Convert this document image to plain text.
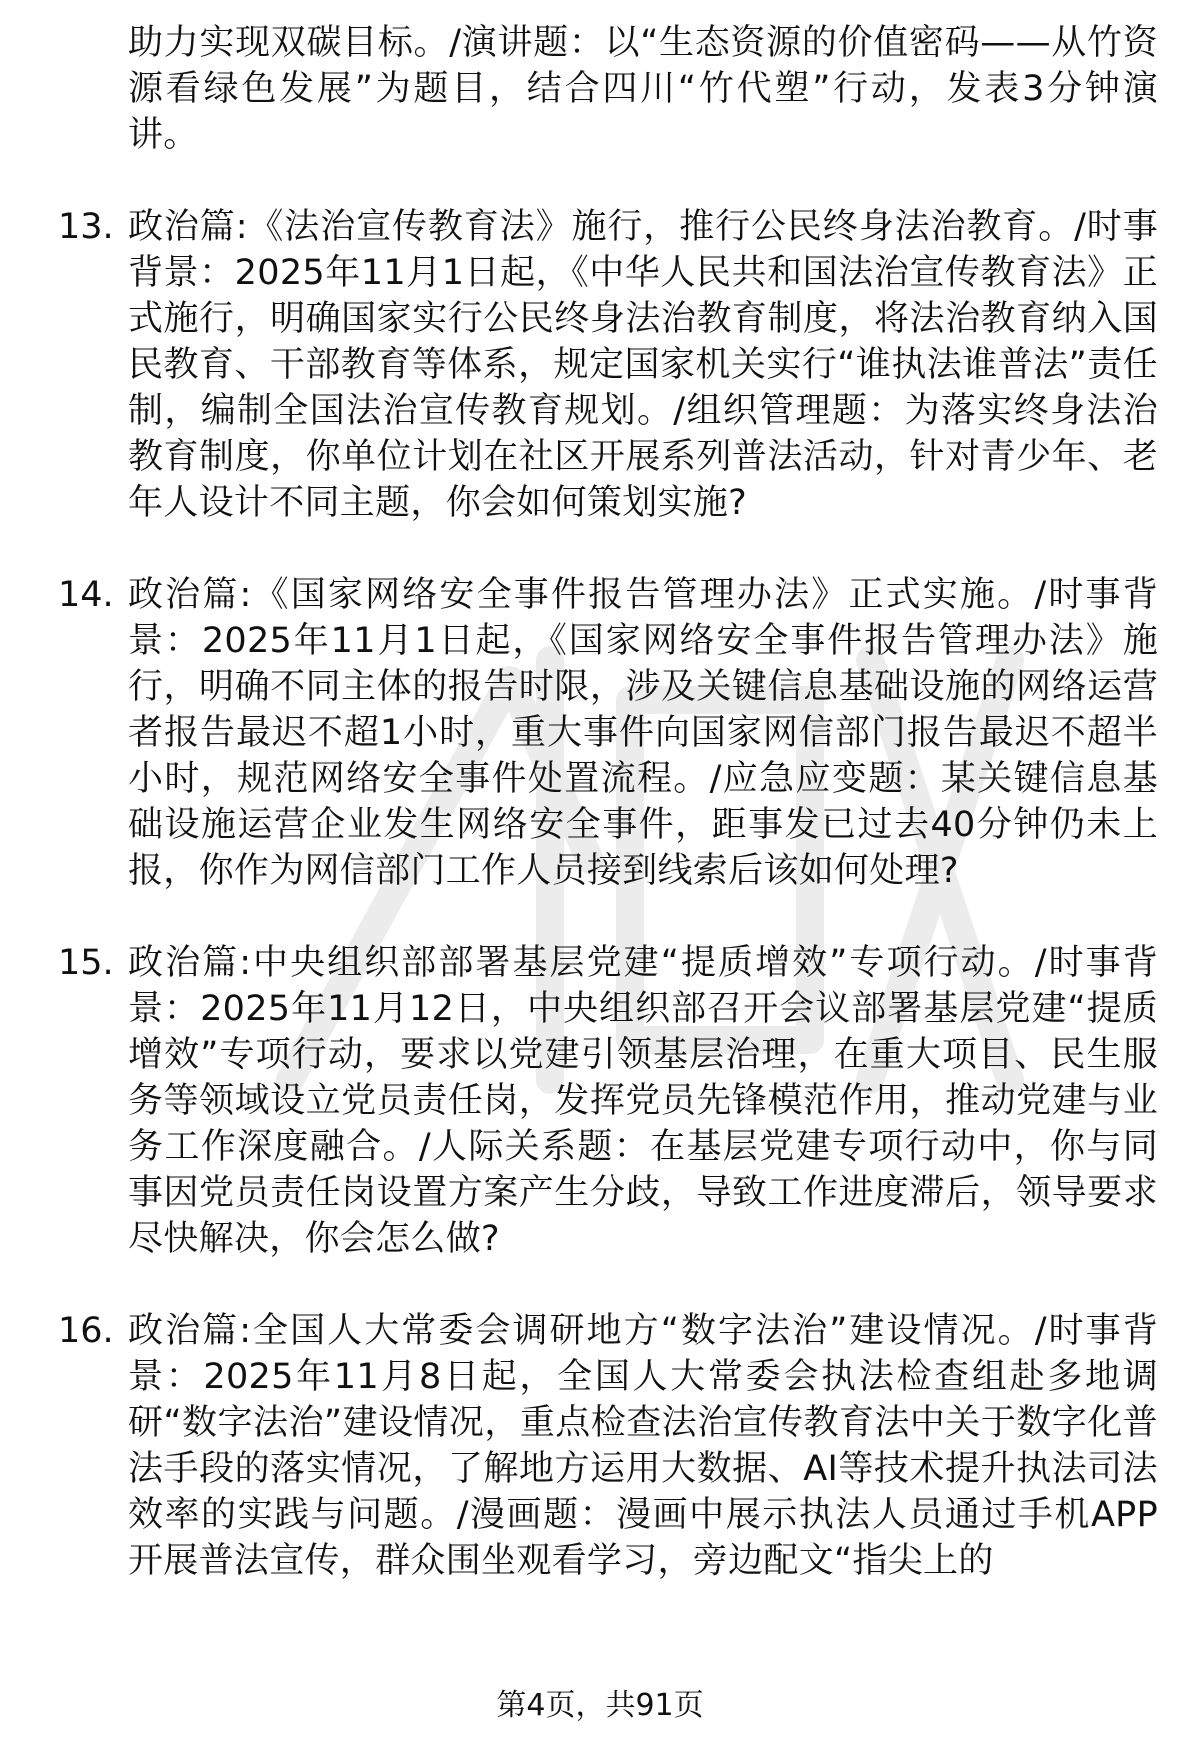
助力实现双碳目标。/演讲题：以“生态资源的价值密码——从竹资源看绿色发展”为题目，结合四川“竹代塑”行动，发表3分钟演讲。
13. 政治篇:《法治宣传教育法》施行，推行公民终身法治教育。/时事背景：2025年11月1日起，《中华人民共和国法治宣传教育法》正式施行，明确国家实行公民终身法治教育制度，将法治教育纳入国民教育、干部教育等体系，规定国家机关实行“谁执法谁普法”责任制，编制全国法治宣传教育规划。/组织管理题：为落实终身法治教育制度，你单位计划在社区开展系列普法活动，针对青少年、老年人设计不同主题，你会如何策划实施?
14. 政治篇:《国家网络安全事件报告管理办法》正式实施。/时事背景：2025年11月1日起，《国家网络安全事件报告管理办法》施行，明确不同主体的报告时限，涉及关键信息基础设施的网络运营者报告最迟不超1小时，重大事件向国家网信部门报告最迟不超半小时，规范网络安全事件处置流程。/应急应变题：某关键信息基础设施运营企业发生网络安全事件，距事发已过去40分钟仍未上报，你作为网信部门工作人员接到线索后该如何处理?
15. 政治篇:中央组织部部署基层党建“提质增效”专项行动。/时事背景：2025年11月12日，中央组织部召开会议部署基层党建“提质增效”专项行动，要求以党建引领基层治理，在重大项目、民生服务等领域设立党员责任岗，发挥党员先锋模范作用，推动党建与业务工作深度融合。/人际关系题：在基层党建专项行动中，你与同事因党员责任岗设置方案产生分歧，导致工作进度滞后，领导要求尽快解决，你会怎么做?
16. 政治篇:全国人大常委会调研地方“数字法治”建设情况。/时事背景：2025年11月8日起，全国人大常委会执法检查组赴多地调研“数字法治”建设情况，重点检查法治宣传教育法中关于数字化普法手段的落实情况，了解地方运用大数据、AI等技术提升执法司法效率的实践与问题。/漫画题：漫画中展示执法人员通过手机APP开展普法宣传，群众围坐观看学习，旁边配文“指尖上的
第4页，共91页
